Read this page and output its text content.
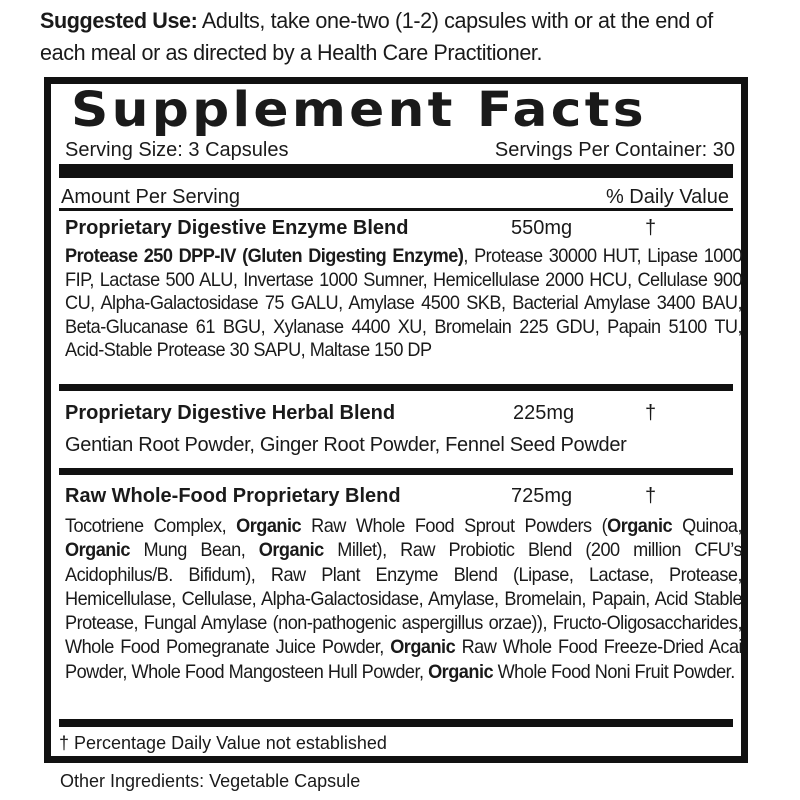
Suggested Use: Adults, take one-two (1-2) capsules with or at the end of each meal or as directed by a Health Care Practitioner.
Supplement Facts
Serving Size: 3 Capsules	Servings Per Container: 30
Amount Per Serving	% Daily Value
Proprietary Digestive Enzyme Blend	550mg	†
Protease 250 DPP-IV (Gluten Digesting Enzyme), Protease 30000 HUT, Lipase 1000 FIP, Lactase 500 ALU, Invertase 1000 Sumner, Hemicellulase 2000 HCU, Cellulase 900 CU, Alpha-Galactosidase 75 GALU, Amylase 4500 SKB, Bacterial Amylase 3400 BAU, Beta-Glucanase 61 BGU, Xylanase 4400 XU, Bromelain 225 GDU, Papain 5100 TU, Acid-Stable Protease 30 SAPU, Maltase 150 DP
Proprietary Digestive Herbal Blend	225mg	†
Gentian Root Powder, Ginger Root Powder, Fennel Seed Powder
Raw Whole-Food Proprietary Blend	725mg	†
Tocotriene Complex, Organic Raw Whole Food Sprout Powders (Organic Quinoa, Organic Mung Bean, Organic Millet), Raw Probiotic Blend (200 million CFU’s Acidophilus/B. Bifidum), Raw Plant Enzyme Blend (Lipase, Lactase, Protease, Hemicellulase, Cellulase, Alpha-Galactosidase, Amylase, Bromelain, Papain, Acid Stable Protease, Fungal Amylase (non-pathogenic aspergillus orzae)), Fructo-Oligosaccharides, Whole Food Pomegranate Juice Powder, Organic Raw Whole Food Freeze-Dried Acai Powder, Whole Food Mangosteen Hull Powder, Organic Whole Food Noni Fruit Powder.
† Percentage Daily Value not established
Other Ingredients: Vegetable Capsule
